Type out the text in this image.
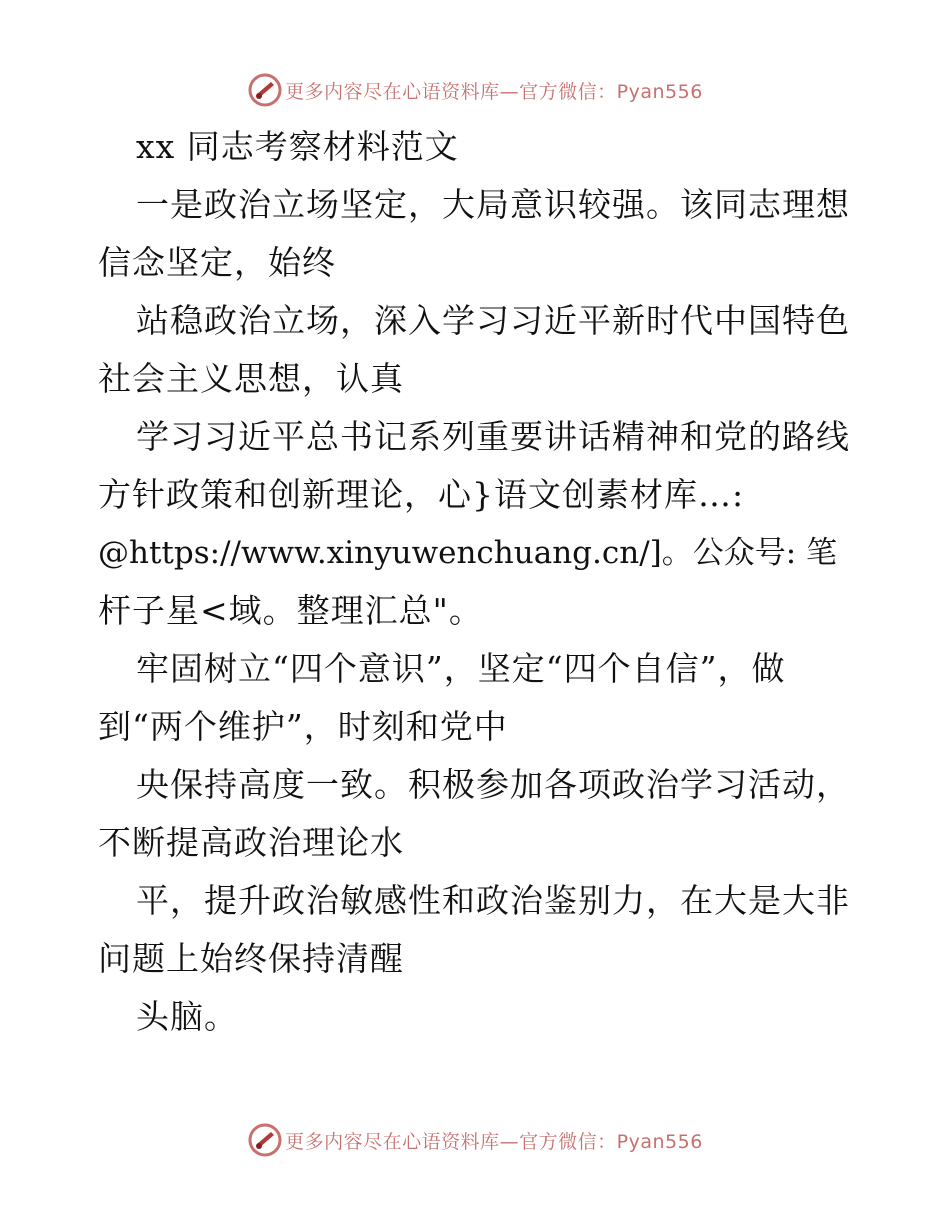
更多内容尽在心语资料库—官方微信：Pyan556
xx 同志考察材料范文
一是政治立场坚定，大局意识较强。该同志理想
信念坚定，始终
站稳政治立场，深入学习习近平新时代中国特色
社会主义思想，认真
学习习近平总书记系列重要讲话精神和党的路线
方针政策和创新理论，心}语文创素材库…:
@https://www.xinyuwenchuang.cn/]。公众号: 笔
杆子星<域。整理汇总"。
牢固树立“四个意识”，坚定“四个自信”，做
到“两个维护”，时刻和党中
央保持高度一致。积极参加各项政治学习活动，
不断提高政治理论水
平，提升政治敏感性和政治鉴别力，在大是大非
问题上始终保持清醒
头脑。
更多内容尽在心语资料库—官方微信：Pyan556
